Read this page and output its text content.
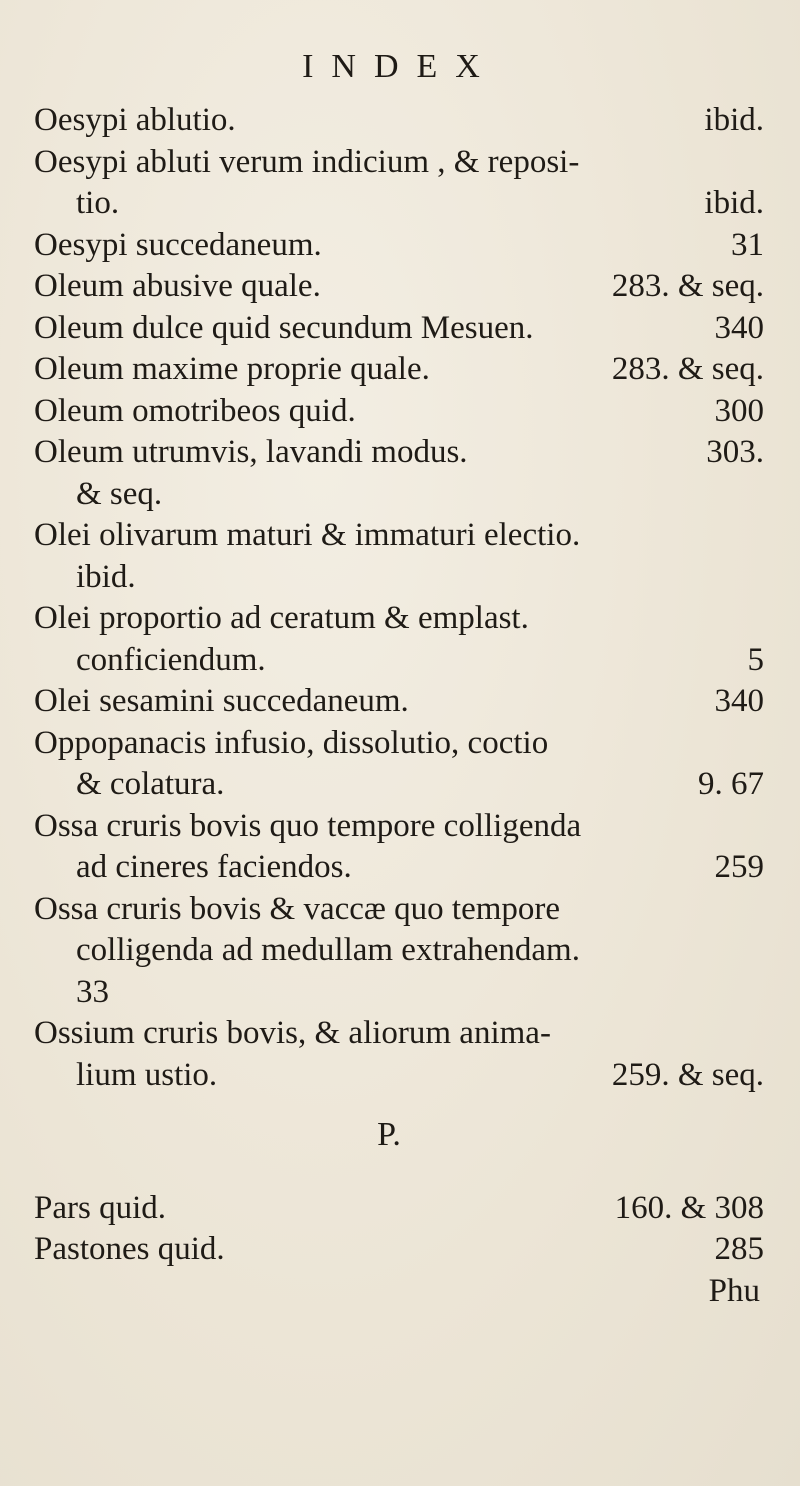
INDEX
Oesypi ablutio.	ibid.
Oesypi abluti verum indicium , & reposi-
tio.	ibid.
Oesypi succedaneum.	31
Oleum abusive quale.	283. & seq.
Oleum dulce quid secundum Mesuen.	340
Oleum maxime proprie quale.	283. & seq.
Oleum omotribeos quid.	300
Oleum utrumvis, lavandi modus.	303.
& seq.
Olei olivarum maturi & immaturi electio.
ibid.
Olei proportio ad ceratum & emplast.
conficiendum.	5
Olei sesamini succedaneum.	340
Oppopanacis infusio, dissolutio, coctio
& colatura.	9. 67
Ossa cruris bovis quo tempore colligenda
ad cineres faciendos.	259
Ossa cruris bovis & vaccæ quo tempore
colligenda ad medullam extrahendam.
33
Ossium cruris bovis, & aliorum anima-
lium ustio.	259. & seq.
P.
Pars quid.	160. & 308
Pastones quid.	285
Phu
